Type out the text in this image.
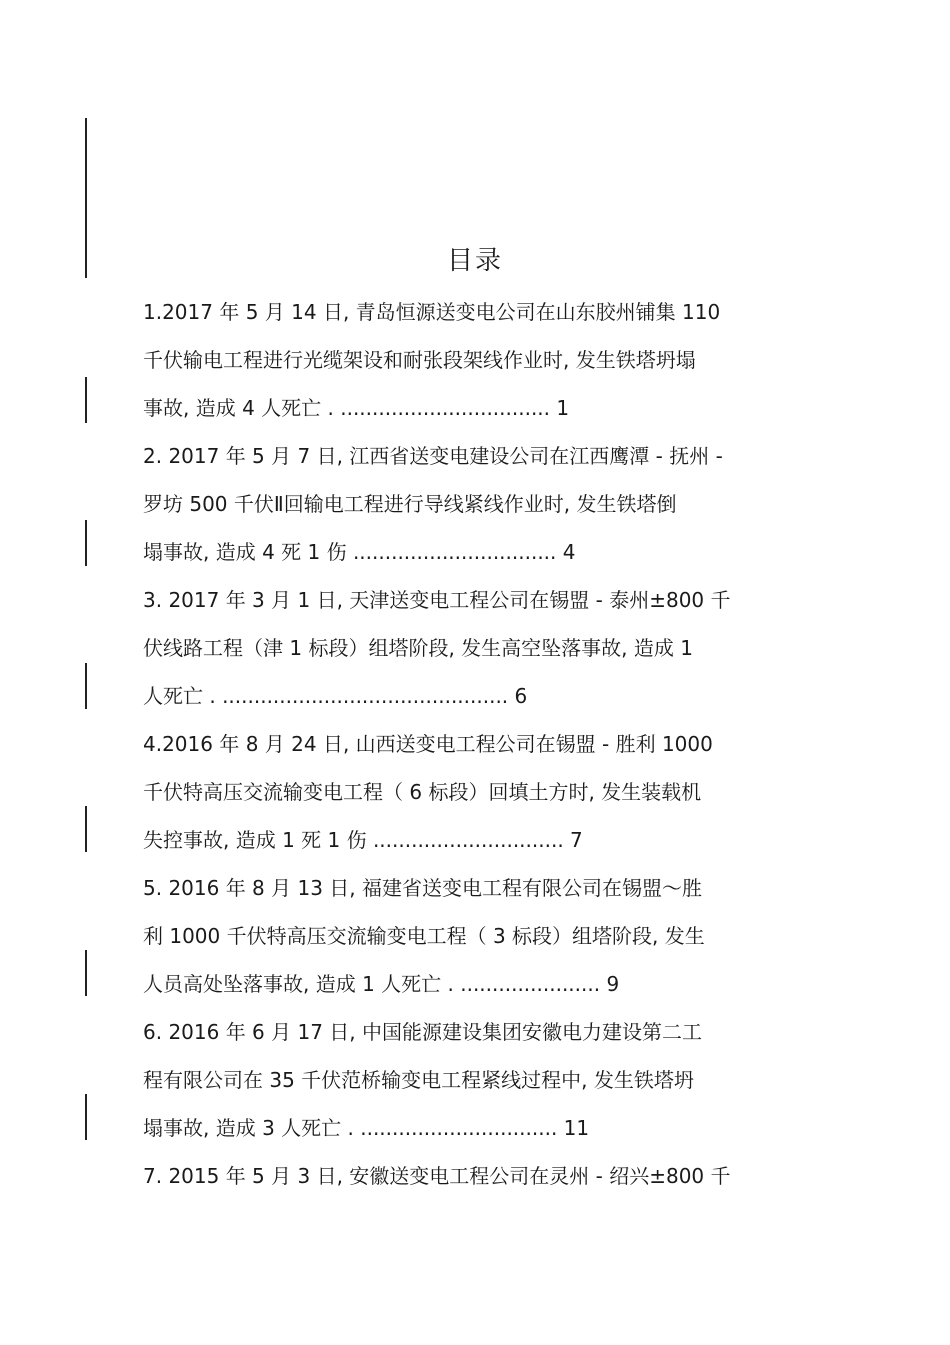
目录
1.2017 年 5 月 14 日, 青岛恒源送变电公司在山东胶州铺集 110
千伏输电工程进行光缆架设和耐张段架线作业时, 发生铁塔坍塌
事故, 造成 4 人死亡 . ................................. 1
2. 2017 年 5 月 7 日, 江西省送变电建设公司在江西鹰潭 - 抚州 -
罗坊 500 千伏Ⅱ回输电工程进行导线紧线作业时, 发生铁塔倒
塌事故, 造成 4 死 1 伤 ................................ 4
3. 2017 年 3 月 1 日, 天津送变电工程公司在锡盟 - 泰州±800 千
伏线路工程（津 1 标段）组塔阶段, 发生高空坠落事故, 造成 1
人死亡 . ............................................. 6
4.2016 年 8 月 24 日, 山西送变电工程公司在锡盟 - 胜利 1000
千伏特高压交流输变电工程（ 6 标段）回填土方时, 发生装载机
失控事故, 造成 1 死 1 伤 .............................. 7
5. 2016 年 8 月 13 日, 福建省送变电工程有限公司在锡盟～胜
利 1000 千伏特高压交流输变电工程（ 3 标段）组塔阶段, 发生
人员高处坠落事故, 造成 1 人死亡 . ...................... 9
6. 2016 年 6 月 17 日, 中国能源建设集团安徽电力建设第二工
程有限公司在 35 千伏范桥输变电工程紧线过程中, 发生铁塔坍
塌事故, 造成 3 人死亡 . ............................... 11
7. 2015 年 5 月 3 日, 安徽送变电工程公司在灵州 - 绍兴±800 千
